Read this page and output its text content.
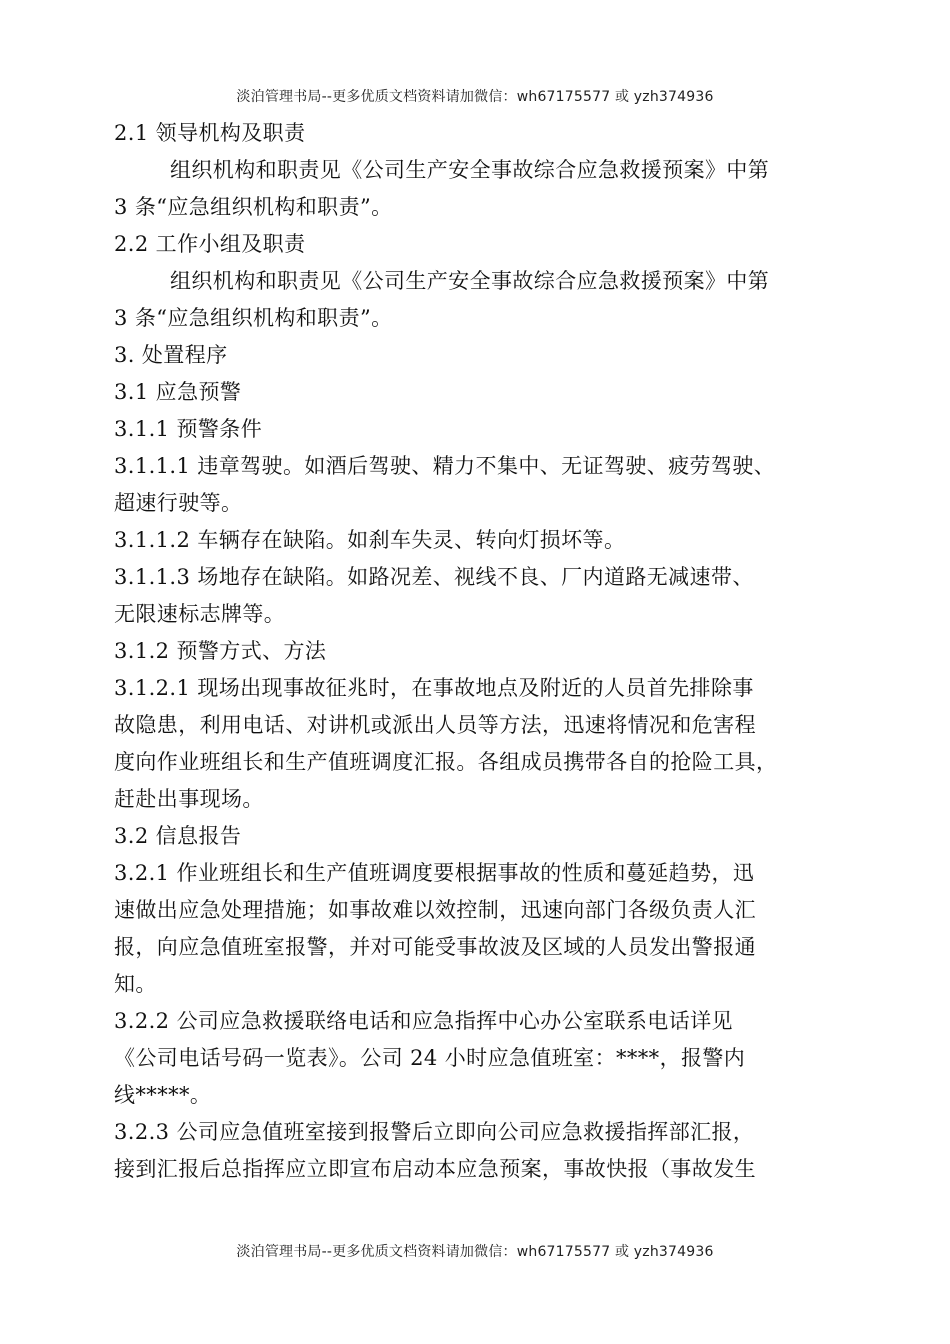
淡泊管理书局--更多优质文档资料请加微信：wh67175577 或 yzh374936
2.1 领导机构及职责
组织机构和职责见《公司生产安全事故综合应急救援预案》中第
3 条“应急组织机构和职责”。
2.2 工作小组及职责
组织机构和职责见《公司生产安全事故综合应急救援预案》中第
3 条“应急组织机构和职责”。
3. 处置程序
3.1 应急预警
3.1.1 预警条件
3.1.1.1 违章驾驶。如酒后驾驶、精力不集中、无证驾驶、疲劳驾驶、
超速行驶等。
3.1.1.2 车辆存在缺陷。如刹车失灵、转向灯损坏等。
3.1.1.3 场地存在缺陷。如路况差、视线不良、厂内道路无减速带、
无限速标志牌等。
3.1.2 预警方式、方法
3.1.2.1 现场出现事故征兆时，在事故地点及附近的人员首先排除事
故隐患，利用电话、对讲机或派出人员等方法，迅速将情况和危害程
度向作业班组长和生产值班调度汇报。各组成员携带各自的抢险工具，
赶赴出事现场。
3.2 信息报告
3.2.1 作业班组长和生产值班调度要根据事故的性质和蔓延趋势，迅
速做出应急处理措施；如事故难以效控制，迅速向部门各级负责人汇
报，向应急值班室报警，并对可能受事故波及区域的人员发出警报通
知。
3.2.2 公司应急救援联络电话和应急指挥中心办公室联系电话详见
《公司电话号码一览表》。公司 24 小时应急值班室：****，报警内
线*****。
3.2.3 公司应急值班室接到报警后立即向公司应急救援指挥部汇报，
接到汇报后总指挥应立即宣布启动本应急预案，事故快报（事故发生
淡泊管理书局--更多优质文档资料请加微信：wh67175577 或 yzh374936
